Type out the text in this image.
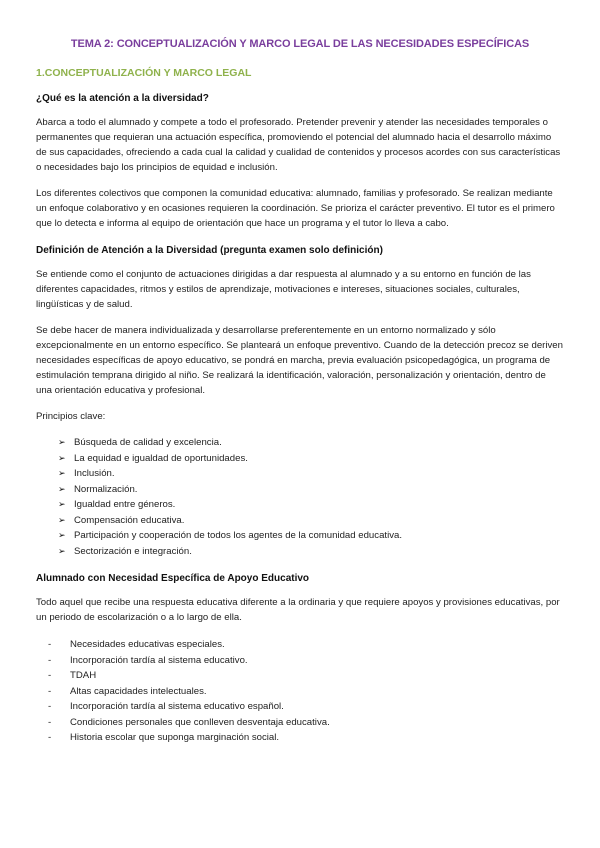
TEMA 2: CONCEPTUALIZACIÓN Y MARCO LEGAL DE LAS NECESIDADES ESPECÍFICAS
1.CONCEPTUALIZACIÓN Y MARCO LEGAL
¿Qué es la atención a la diversidad?

Abarca a todo el alumnado y compete a todo el profesorado. Pretender prevenir y atender las necesidades temporales o permanentes que requieran una actuación específica, promoviendo el potencial del alumnado hacia el desarrollo máximo de sus capacidades, ofreciendo a cada cual la calidad y cualidad de contenidos y procesos acordes con sus características o necesidades bajo los principios de equidad e inclusión.

Los diferentes colectivos que componen la comunidad educativa: alumnado, familias y profesorado. Se realizan mediante un enfoque colaborativo y en ocasiones requieren la coordinación. Se prioriza el carácter preventivo. El tutor es el primero que lo detecta e informa al equipo de orientación que hace un programa y el tutor lo lleva a cabo.

Definición de Atención a la Diversidad (pregunta examen solo definición)

Se entiende como el conjunto de actuaciones dirigidas a dar respuesta al alumnado y a su entorno en función de las diferentes capacidades, ritmos y estilos de aprendizaje, motivaciones e intereses, situaciones sociales, culturales, lingüísticas y de salud.

Se debe hacer de manera individualizada y desarrollarse preferentemente en un entorno normalizado y sólo excepcionalmente en un entorno específico. Se planteará un enfoque preventivo. Cuando de la detección precoz se deriven necesidades específicas de apoyo educativo, se pondrá en marcha, previa evaluación psicopedagógica, un programa de estimulación temprana dirigido al niño. Se realizará la identificación, valoración, personalización y orientación, dentro de una orientación educativa y profesional.

Principios clave:

➢ Búsqueda de calidad y excelencia.
➢ La equidad e igualdad de oportunidades.
➢ Inclusión.
➢ Normalización.
➢ Igualdad entre géneros.
➢ Compensación educativa.
➢ Participación y cooperación de todos los agentes de la comunidad educativa.
➢ Sectorización e integración.
Alumnado con Necesidad Específica de Apoyo Educativo

Todo aquel que recibe una respuesta educativa diferente a la ordinaria y que requiere apoyos y provisiones educativas, por un periodo de escolarización o a lo largo de ella.

-	Necesidades educativas especiales.
-	Incorporación tardía al sistema educativo.
-	TDAH
-	Altas capacidades intelectuales.
-	Incorporación tardía al sistema educativo español.
-	Condiciones personales que conlleven desventaja educativa.
-	Historia escolar que suponga marginación social.
